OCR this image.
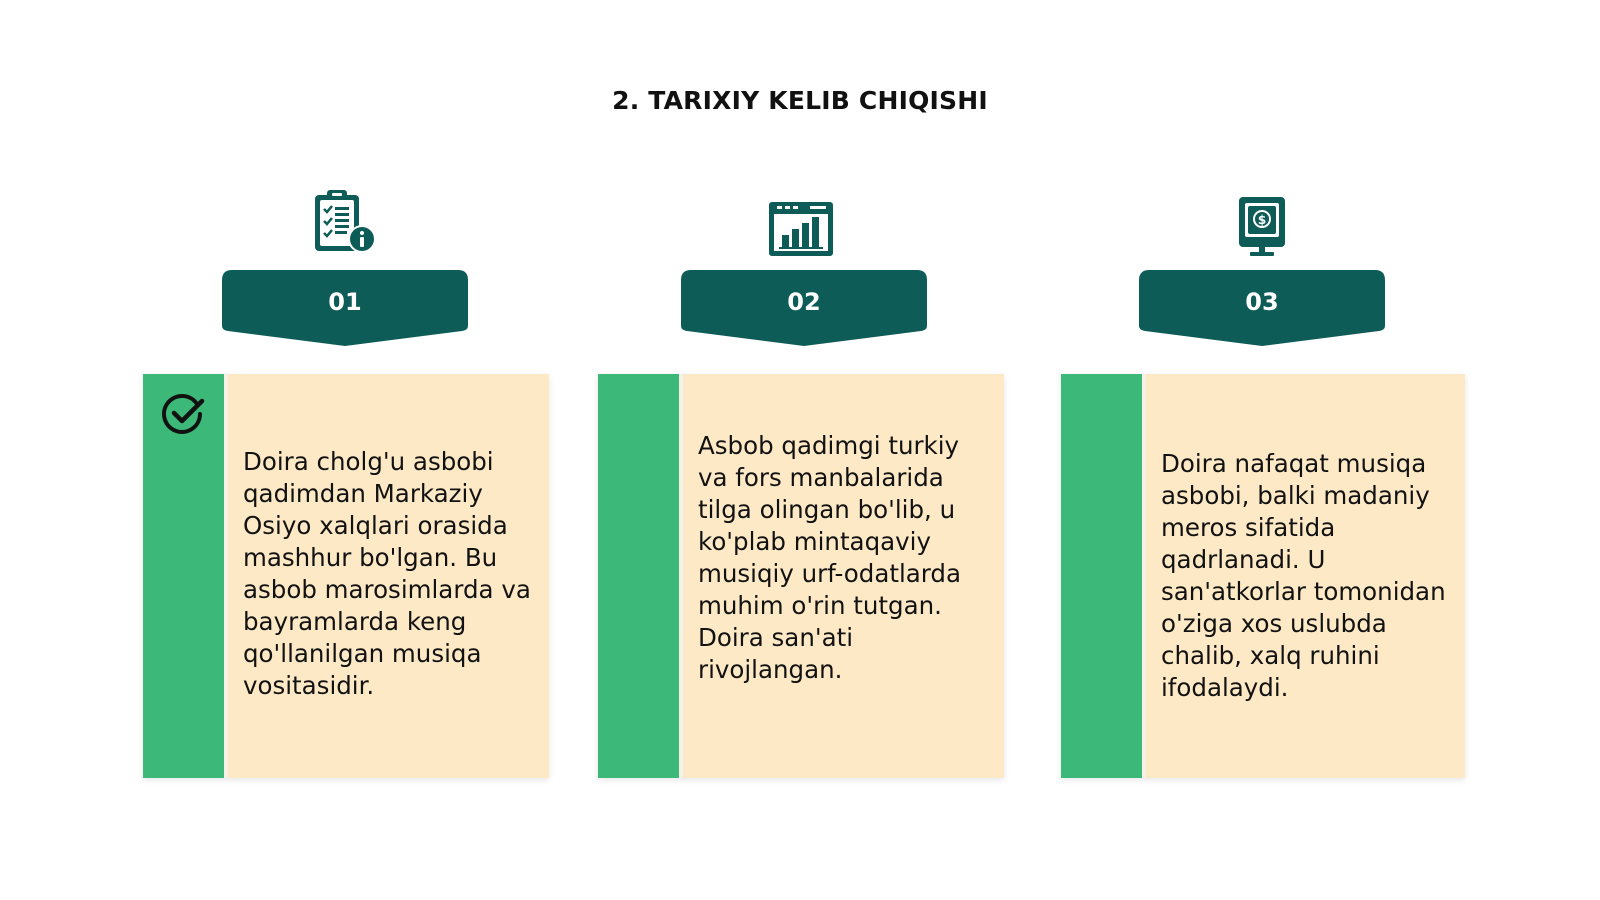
2. TARIXIY KELIB CHIQISHI
01
Doira cholg'u asbobi qadimdan Markaziy Osiyo xalqlari orasida mashhur bo'lgan. Bu asbob marosimlarda va bayramlarda keng qo'llanilgan musiqa vositasidir.
02
Asbob qadimgi turkiy va fors manbalarida tilga olingan bo'lib, u ko'plab mintaqaviy musiqiy urf-odatlarda muhim o'rin tutgan. Doira san'ati rivojlangan.
$
03
Doira nafaqat musiqa asbobi, balki madaniy meros sifatida qadrlanadi. U san'atkorlar tomonidan o'ziga xos uslubda chalib, xalq ruhini ifodalaydi.
